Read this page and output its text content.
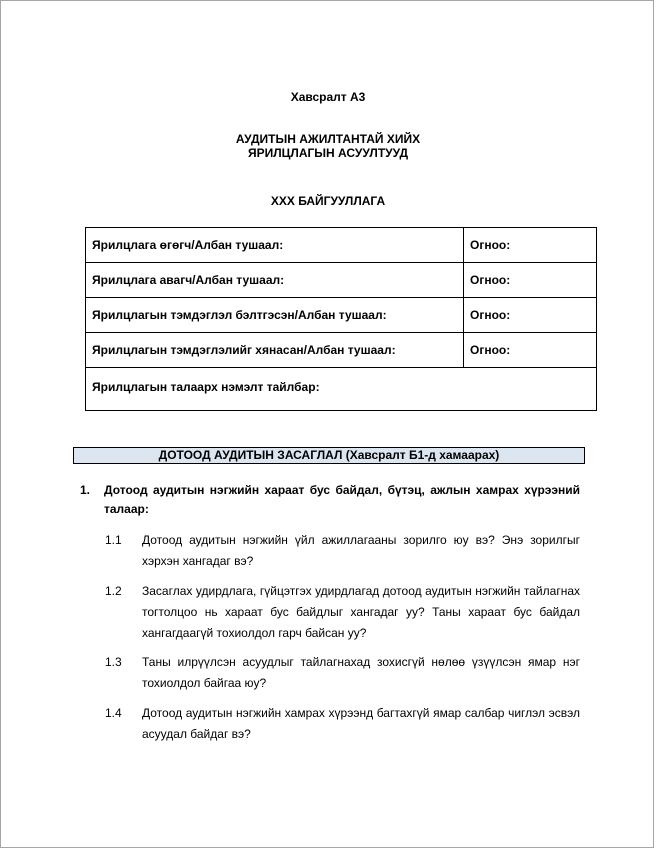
Хавсралт А3
АУДИТЫН АЖИЛТАНТАЙ ХИЙХ
ЯРИЛЦЛАГЫН АСУУЛТУУД
ХХХ БАЙГУУЛЛАГА
Ярилцлага өгөгч/Албан тушаал:	Огноо:
Ярилцлага авагч/Албан тушаал:	Огноо:
Ярилцлагын тэмдэглэл бэлтгэсэн/Албан тушаал:	Огноо:
Ярилцлагын тэмдэглэлийг хянасан/Албан тушаал:	Огноо:
Ярилцлагын талаарх нэмэлт тайлбар:
ДОТООД АУДИТЫН ЗАСАГЛАЛ (Хавсралт Б1-д хамаарах)
1. Дотоод аудитын нэгжийн хараат бус байдал, бүтэц, ажлын хамрах хүрээний талаар:
1.1 Дотоод аудитын нэгжийн үйл ажиллагааны зорилго юу вэ? Энэ зорилгыг хэрхэн хангадаг вэ?
1.2 Засаглах удирдлага, гүйцэтгэх удирдлагад дотоод аудитын нэгжийн тайлагнах тогтолцоо нь хараат бус байдлыг хангадаг уу? Таны хараат бус байдал хангагдаагүй тохиолдол гарч байсан уу?
1.3 Таны илрүүлсэн асуудлыг тайлагнахад зохисгүй нөлөө үзүүлсэн ямар нэг тохиолдол байгаа юу?
1.4 Дотоод аудитын нэгжийн хамрах хүрээнд багтахгүй ямар салбар чиглэл эсвэл асуудал байдаг вэ?
